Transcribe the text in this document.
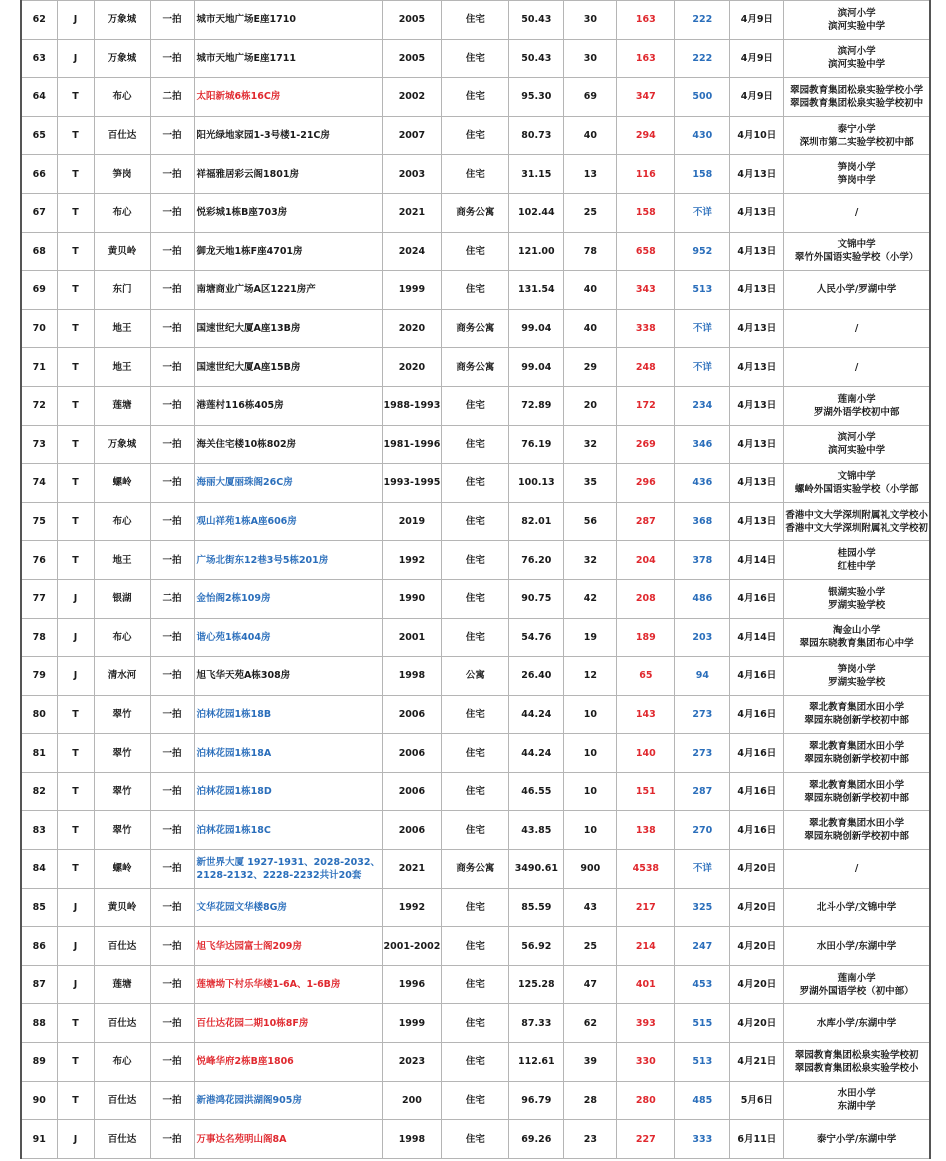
62	J	万象城	一拍	城市天地广场E座1710	2005	住宅	50.43	30	163	222	4月9日	滨河小学
滨河实验中学

63	J	万象城	一拍	城市天地广场E座1711	2005	住宅	50.43	30	163	222	4月9日	滨河小学
滨河实验中学

64	T	布心	二拍	太阳新城6栋16C房	2002	住宅	95.30	69	347	500	4月9日	翠园教育集团松泉实验学校小学
翠园教育集团松泉实验学校初中

65	T	百仕达	一拍	阳光绿地家园1-3号楼1-21C房	2007	住宅	80.73	40	294	430	4月10日	泰宁小学
深圳市第二实验学校初中部

66	T	笋岗	一拍	祥福雅居彩云阁1801房	2003	住宅	31.15	13	116	158	4月13日	笋岗小学
笋岗中学

67	T	布心	一拍	悦彩城1栋B座703房	2021	商务公寓	102.44	25	158	不详	4月13日	/

68	T	黄贝岭	一拍	御龙天地1栋F座4701房	2024	住宅	121.00	78	658	952	4月13日	文锦中学
翠竹外国语实验学校（小学）

69	T	东门	一拍	南塘商业广场A区1221房产	1999	住宅	131.54	40	343	513	4月13日	人民小学/罗湖中学

70	T	地王	一拍	国速世纪大厦A座13B房	2020	商务公寓	99.04	40	338	不详	4月13日	/

71	T	地王	一拍	国速世纪大厦A座15B房	2020	商务公寓	99.04	29	248	不详	4月13日	/

72	T	莲塘	一拍	港莲村116栋405房	1988-1993	住宅	72.89	20	172	234	4月13日	莲南小学
罗湖外语学校初中部

73	T	万象城	一拍	海关住宅楼10栋802房	1981-1996	住宅	76.19	32	269	346	4月13日	滨河小学
滨河实验中学

74	T	螺岭	一拍	海丽大厦丽珠阁26C房	1993-1995	住宅	100.13	35	296	436	4月13日	文锦中学
螺岭外国语实验学校（小学部

75	T	布心	一拍	观山祥苑1栋A座606房	2019	住宅	82.01	56	287	368	4月13日	香港中文大学深圳附属礼文学校小
香港中文大学深圳附属礼文学校初

76	T	地王	一拍	广场北街东12巷3号5栋201房	1992	住宅	76.20	32	204	378	4月14日	桂园小学
红桂中学

77	J	银湖	二拍	金怡阁2栋109房	1990	住宅	90.75	42	208	486	4月16日	银湖实验小学
罗湖实验学校

78	J	布心	一拍	谐心苑1栋404房	2001	住宅	54.76	19	189	203	4月14日	淘金山小学
翠园东晓教育集团布心中学

79	J	清水河	一拍	旭飞华天苑A栋308房	1998	公寓	26.40	12	65	94	4月16日	笋岗小学
罗湖实验学校

80	T	翠竹	一拍	泊林花园1栋18B	2006	住宅	44.24	10	143	273	4月16日	翠北教育集团水田小学
翠园东晓创新学校初中部

81	T	翠竹	一拍	泊林花园1栋18A	2006	住宅	44.24	10	140	273	4月16日	翠北教育集团水田小学
翠园东晓创新学校初中部

82	T	翠竹	一拍	泊林花园1栋18D	2006	住宅	46.55	10	151	287	4月16日	翠北教育集团水田小学
翠园东晓创新学校初中部

83	T	翠竹	一拍	泊林花园1栋18C	2006	住宅	43.85	10	138	270	4月16日	翠北教育集团水田小学
翠园东晓创新学校初中部

84	T	螺岭	一拍	新世界大厦 1927-1931、2028-2032、2128-2132、2228-2232共计20套	2021	商务公寓	3490.61	900	4538	不详	4月20日	/

85	J	黄贝岭	一拍	文华花园文华楼8G房	1992	住宅	85.59	43	217	325	4月20日	北斗小学/文锦中学

86	J	百仕达	一拍	旭飞华达园富士阁209房	2001-2002	住宅	56.92	25	214	247	4月20日	水田小学/东湖中学

87	J	莲塘	一拍	莲塘坳下村乐华楼1-6A、1-6B房	1996	住宅	125.28	47	401	453	4月20日	莲南小学
罗湖外国语学校（初中部）

88	T	百仕达	一拍	百仕达花园二期10栋8F房	1999	住宅	87.33	62	393	515	4月20日	水库小学/东湖中学

89	T	布心	一拍	悦峰华府2栋B座1806	2023	住宅	112.61	39	330	513	4月21日	翠园教育集团松泉实验学校初
翠园教育集团松泉实验学校小

90	T	百仕达	一拍	新港鸿花园洪湖阁905房	200	住宅	96.79	28	280	485	5月6日	水田小学
东湖中学

91	J	百仕达	一拍	万事达名苑明山阁8A	1998	住宅	69.26	23	227	333	6月11日	泰宁小学/东湖中学
